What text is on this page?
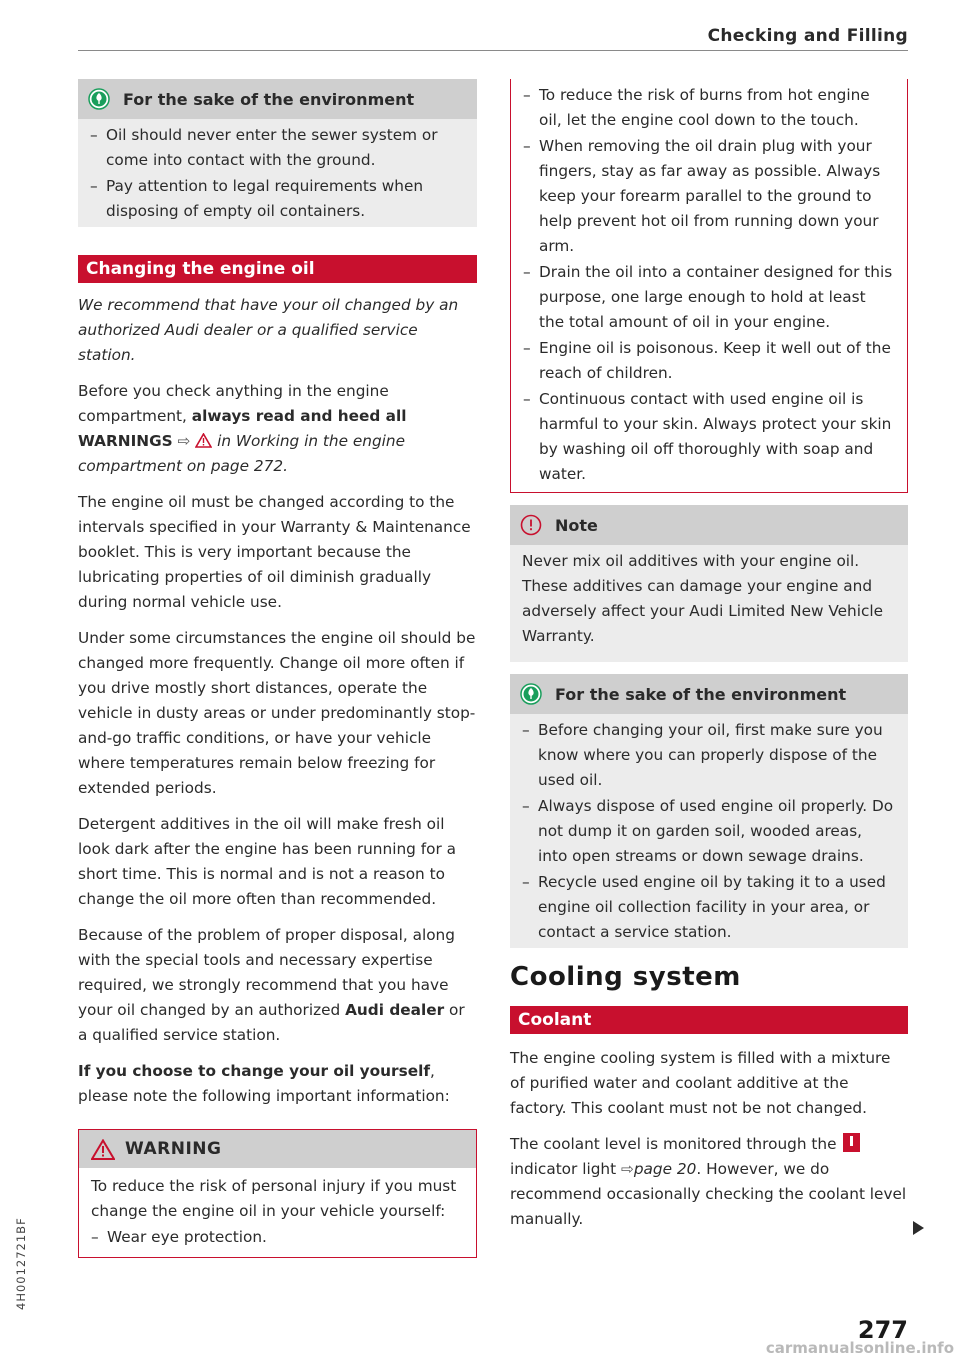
Checking and Filling
For the sake of the environment
– Oil should never enter the sewer system or come into contact with the ground.
– Pay attention to legal requirements when disposing of empty oil containers.
Changing the engine oil

We recommend that have your oil changed by an authorized Audi dealer or a qualified service station.

Before you check anything in the engine compartment, always read and heed all WARNINGS ⇨ in Working in the engine compartment on page 272.

The engine oil must be changed according to the intervals specified in your Warranty & Maintenance booklet. This is very important because the lubricating properties of oil diminish gradually during normal vehicle use.

Under some circumstances the engine oil should be changed more frequently. Change oil more often if you drive mostly short distances, operate the vehicle in dusty areas or under predominantly stop-and-go traffic conditions, or have your vehicle where temperatures remain below freezing for extended periods.

Detergent additives in the oil will make fresh oil look dark after the engine has been running for a short time. This is normal and is not a reason to change the oil more often than recommended.

Because of the problem of proper disposal, along with the special tools and necessary expertise required, we strongly recommend that you have your oil changed by an authorized Audi dealer or a qualified service station.

If you choose to change your oil yourself, please note the following important information:

WARNING

To reduce the risk of personal injury if you must change the engine oil in your vehicle yourself:

– Wear eye protection.
– To reduce the risk of burns from hot engine oil, let the engine cool down to the touch.
– When removing the oil drain plug with your fingers, stay as far away as possible. Always keep your forearm parallel to the ground to help prevent hot oil from running down your arm.
– Drain the oil into a container designed for this purpose, one large enough to hold at least the total amount of oil in your engine.
– Engine oil is poisonous. Keep it well out of the reach of children.
– Continuous contact with used engine oil is harmful to your skin. Always protect your skin by washing oil off thoroughly with soap and water.
Note

Never mix oil additives with your engine oil. These additives can damage your engine and adversely affect your Audi Limited New Vehicle Warranty.

For the sake of the environment
– Before changing your oil, first make sure you know where you can properly dispose of the used oil.
– Always dispose of used engine oil properly. Do not dump it on garden soil, wooded areas, into open streams or down sewage drains.
– Recycle used engine oil by taking it to a used engine oil collection facility in your area, or contact a service station.
Cooling system
Coolant

The engine cooling system is filled with a mixture of purified water and coolant additive at the factory. This coolant must not be not changed.

The coolant level is monitored through the  indicator light ⇨page 20. However, we do recommend occasionally checking the coolant level manually.

277
4H0012721BF
carmanualsonline.info
